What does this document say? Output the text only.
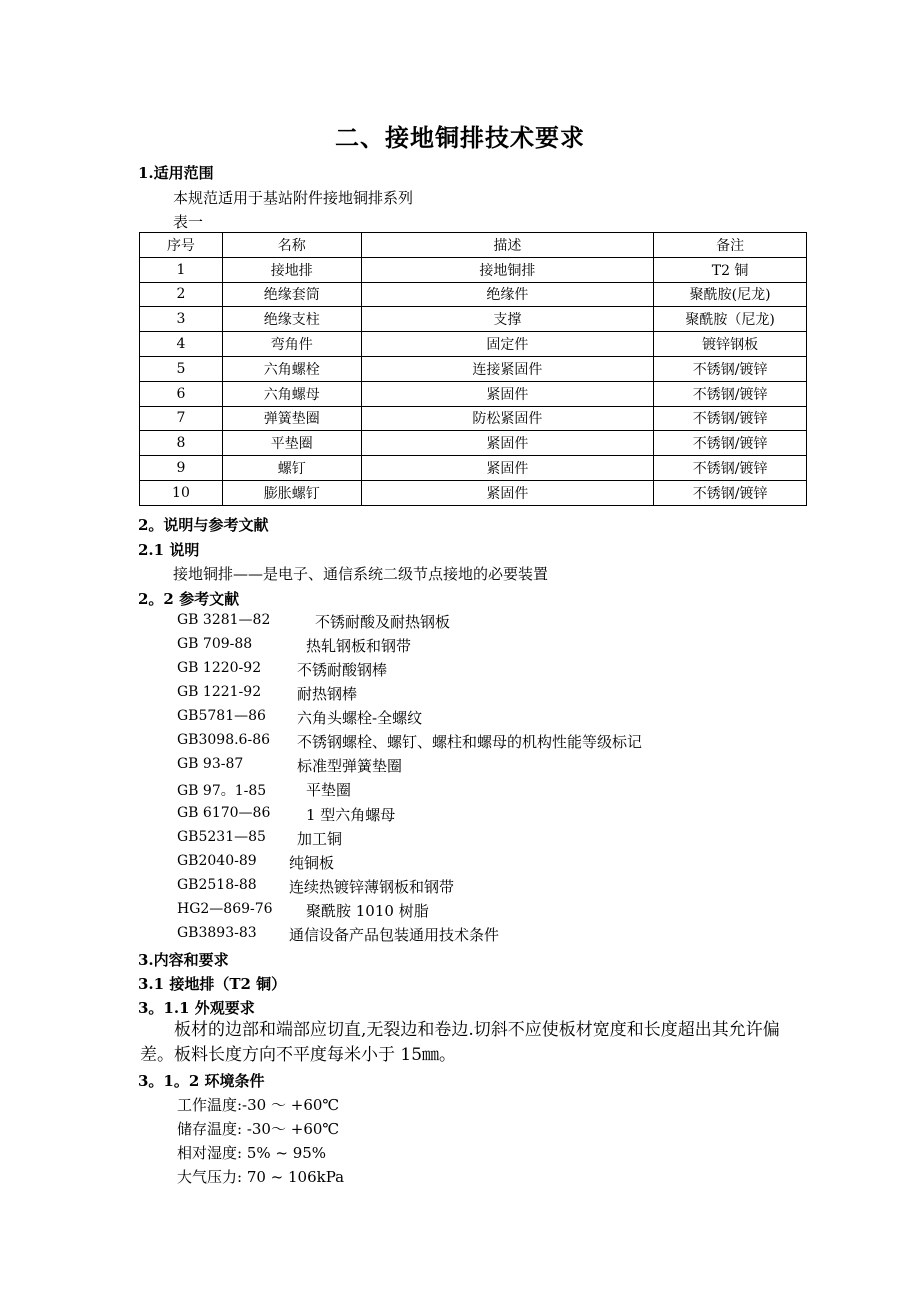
二、接地铜排技术要求
1.适用范围
本规范适用于基站附件接地铜排系列
表一
序号	名称	描述	备注
1	接地排	接地铜排	T2 铜
2	绝缘套筒	绝缘件	聚酰胺(尼龙)
3	绝缘支柱	支撑	聚酰胺（尼龙)
4	弯角件	固定件	镀锌钢板
5	六角螺栓	连接紧固件	不锈钢/镀锌
6	六角螺母	紧固件	不锈钢/镀锌
7	弹簧垫圈	防松紧固件	不锈钢/镀锌
8	平垫圈	紧固件	不锈钢/镀锌
9	螺钉	紧固件	不锈钢/镀锌
10	膨胀螺钉	紧固件	不锈钢/镀锌
2。说明与参考文献
2.1 说明
接地铜排——是电子、通信系统二级节点接地的必要装置
2。2 参考文献
GB 3281—82	不锈耐酸及耐热钢板
GB 709-88	热轧钢板和钢带
GB 1220-92 不锈耐酸钢棒
GB 1221-92 耐热钢棒
GB5781—86 六角头螺栓-全螺纹
GB3098.6-86 不锈钢螺栓、螺钉、螺柱和螺母的机构性能等级标记
GB 93-87	标准型弹簧垫圈
GB 97。1-85	平垫圈
GB 6170—86 1 型六角螺母
GB5231—85 加工铜
GB2040-89 纯铜板
GB2518-88 连续热镀锌薄钢板和钢带
HG2—869-76 聚酰胺 1010 树脂
GB3893-83 通信设备产品包装通用技术条件
3.内容和要求
3.1 接地排（T2 铜）
3。1.1 外观要求
板材的边部和端部应切直,无裂边和卷边.切斜不应使板材宽度和长度超出其允许偏差。板料长度方向不平度每米小于 15㎜。
3。1。2 环境条件
工作温度:-30 ～ +60℃
储存温度: -30～ +60℃
相对湿度: 5% ~ 95%
大气压力: 70 ~ 106kPa
